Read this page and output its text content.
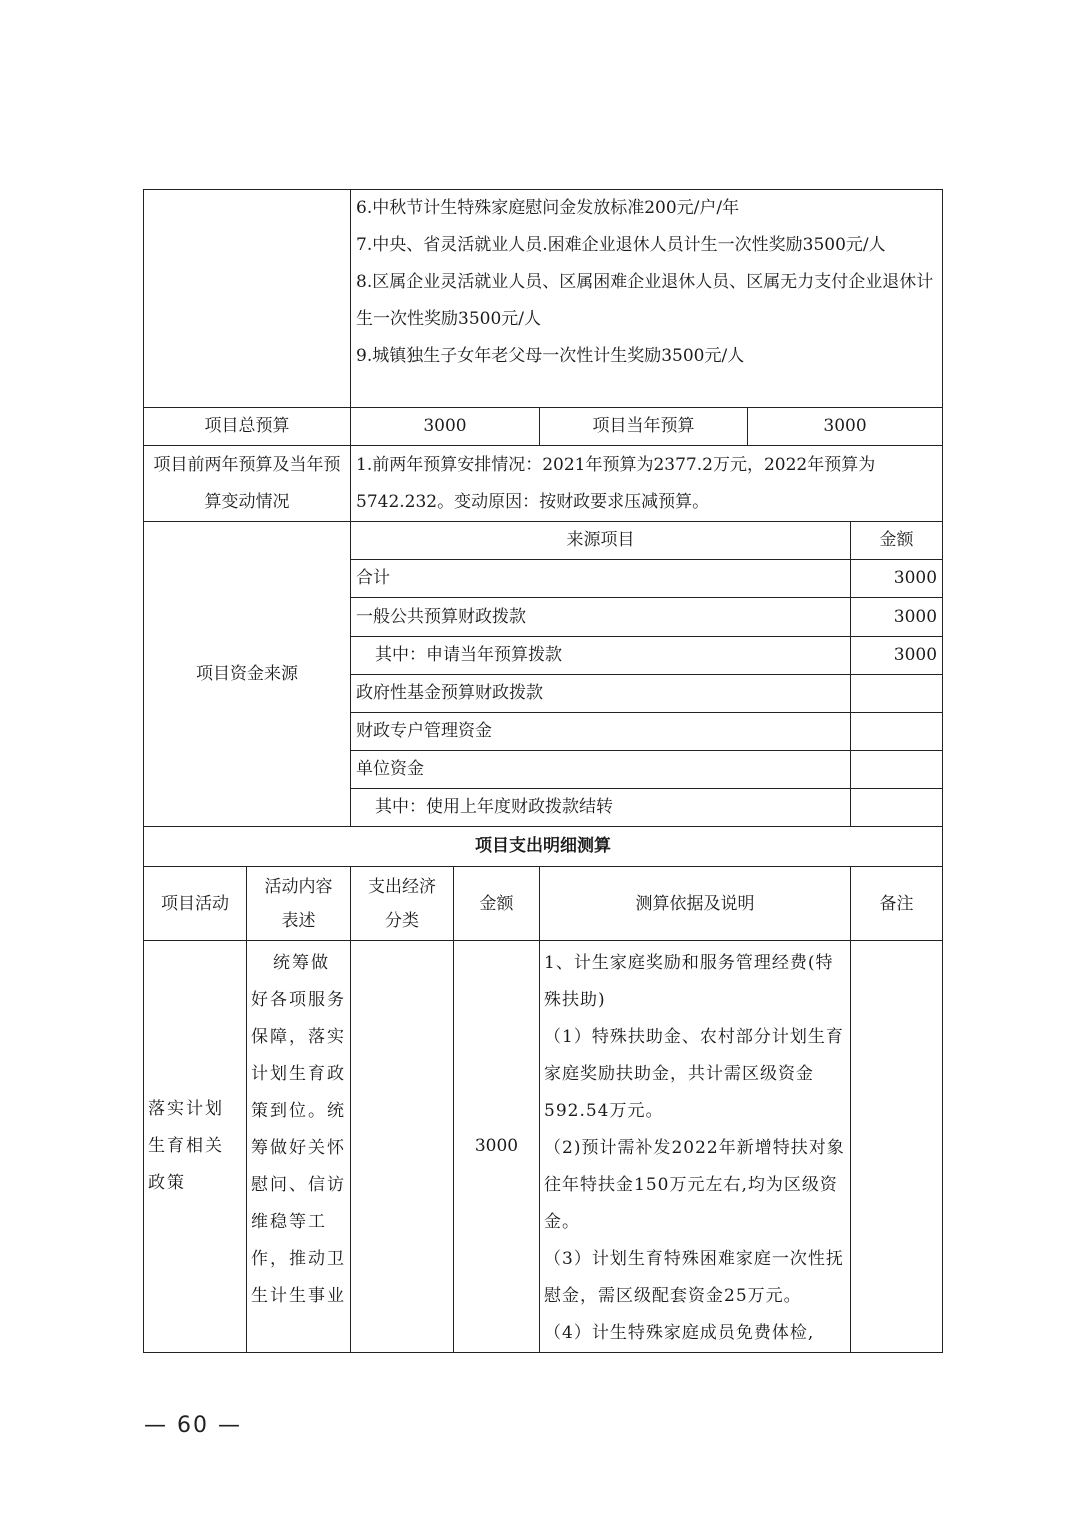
		6.中秋节计生特殊家庭慰问金发放标准200元/户/年
7.中央、省灵活就业人员.困难企业退休人员计生一次性奖励3500元/人
8.区属企业灵活就业人员、区属困难企业退休人员、区属无力支付企业退休计生一次性奖励3500元/人
9.城镇独生子女年老父母一次性计生奖励3500元/人				

项目总预算		3000		项目当年预算	3000	
项目前两年预算及当年预算变动情况		1.前两年预算安排情况：2021年预算为2377.2万元，2022年预算为5742.232。变动原因：按财政要求压减预算。				
项目资金来源		来源项目				金额
		合计				3000
		一般公共预算财政拨款				3000
		其中：申请当年预算拨款				3000
		政府性基金预算财政拨款				
		财政专户管理资金				
		单位资金				
		其中：使用上年度财政拨款结转				
项目支出明细测算						
项目活动	活动内容表述	支出经济分类	金额	测算依据及说明		备注
落实计划生育相关政策	统筹做好各项服务保障，落实计划生育政策到位。统筹做好关怀慰问、信访维稳等工作，推动卫生计生事业		3000	1、计生家庭奖励和服务管理经费(特殊扶助)
（1）特殊扶助金、农村部分计划生育家庭奖励扶助金，共计需区级资金592.54万元。
（2)预计需补发2022年新增特扶对象往年特扶金150万元左右,均为区级资金。
（3）计划生育特殊困难家庭一次性抚慰金，需区级配套资金25万元。
（4）计生特殊家庭成员免费体检,		

— 60 —
